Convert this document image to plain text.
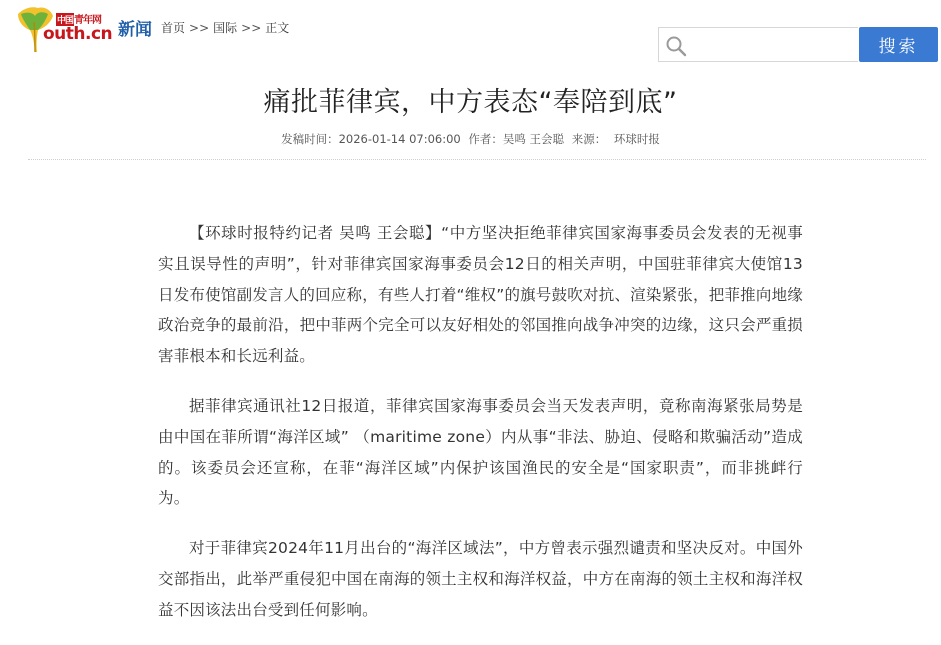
中国青年网
outh.cn 新闻 首页 >> 国际 >> 正文
搜索
痛批菲律宾，中方表态“奉陪到底”
发稿时间：2026-01-14 07:06:00 作者：吴鸣 王会聪 来源： 环球时报

【环球时报特约记者 吴鸣 王会聪】“中方坚决拒绝菲律宾国家海事委员会发表的无视事实且误导性的声明”，针对菲律宾国家海事委员会12日的相关声明，中国驻菲律宾大使馆13日发布使馆副发言人的回应称，有些人打着“维权”的旗号鼓吹对抗、渲染紧张，把菲推向地缘政治竞争的最前沿，把中菲两个完全可以友好相处的邻国推向战争冲突的边缘，这只会严重损害菲根本和长远利益。

据菲律宾通讯社12日报道，菲律宾国家海事委员会当天发表声明，竟称南海紧张局势是由中国在菲所谓“海洋区域” （maritime zone）内从事“非法、胁迫、侵略和欺骗活动”造成的。该委员会还宣称，在菲“海洋区域”内保护该国渔民的安全是“国家职责”，而非挑衅行为。

对于菲律宾2024年11月出台的“海洋区域法”，中方曾表示强烈谴责和坚决反对。中国外交部指出，此举严重侵犯中国在南海的领土主权和海洋权益，中方在南海的领土主权和海洋权益不因该法出台受到任何影响。
